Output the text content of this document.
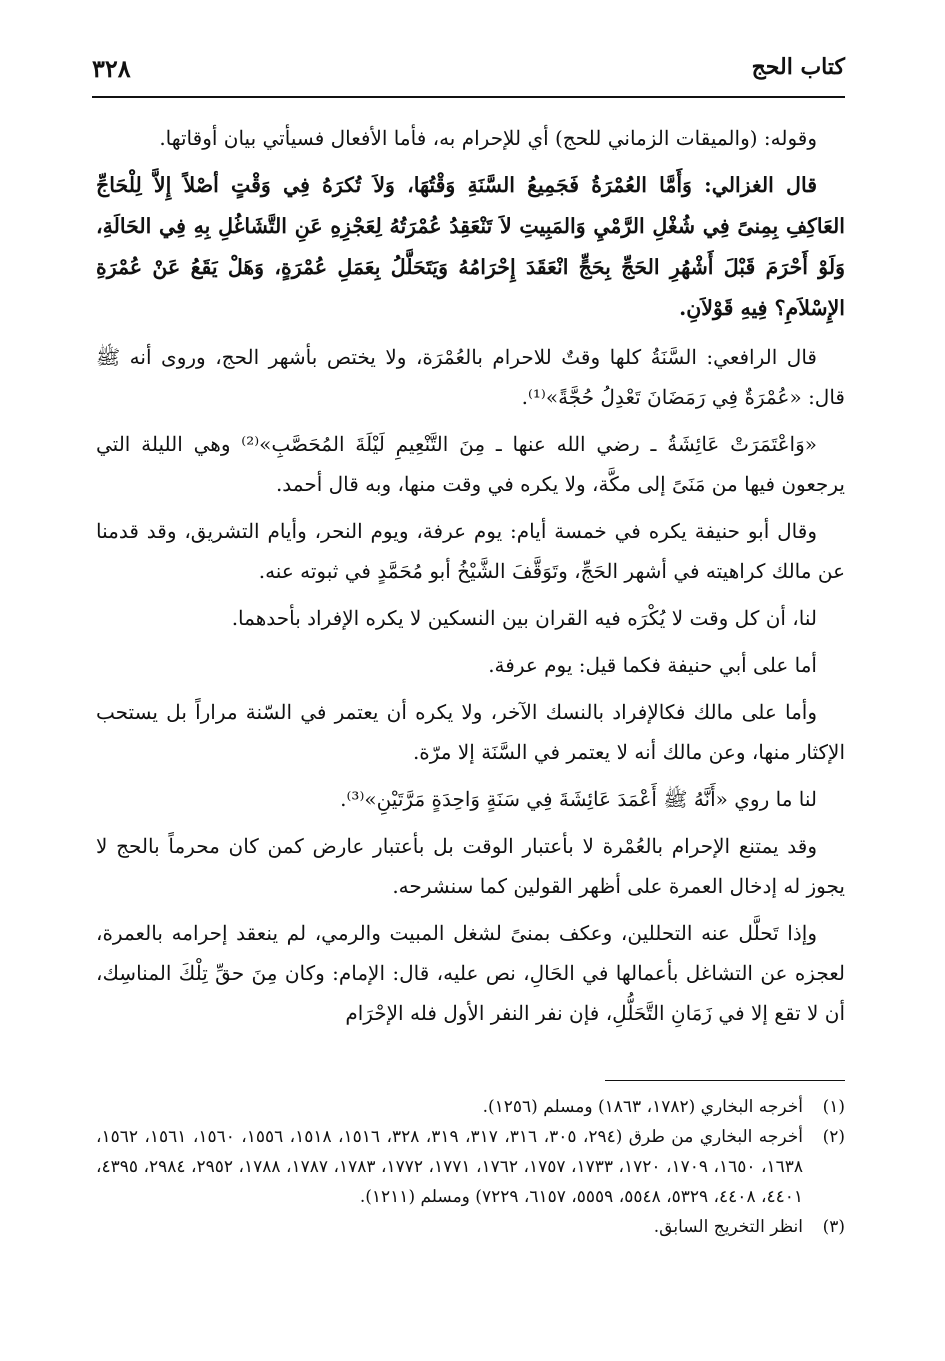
كتاب الحج
٣٢٨

وقوله: (والميقات الزماني للحج) أي للإحرام به، فأما الأفعال فسيأتي بيان أوقاتها.

قال الغزالي: وَأَمَّا العُمْرَةُ فَجَمِيعُ السَّنَةِ وَقْتُهَا، وَلاَ تُكرَهُ فِي وَقْتٍ أصْلاً إِلاَّ لِلْحَاجِّ العَاكِفِ بِمِنىً فِي شُغْلِ الرَّمْيِ وَالمَبِيتِ لاَ تَنْعَقِدُ عُمْرَتُهُ لِعَجْزِهِ عَنِ التَّشَاغُلِ بِهِ فِي الحَالَةِ، وَلَوْ أَحْرَمَ قَبْلَ أَشْهُرِ الحَجِّ بِحَجٍّ انْعَقَدَ إِحْرَامُهُ وَيَتَحَلَّلُ بِعَمَلِ عُمْرَةٍ، وَهَلْ يَقَعُ عَنْ عُمْرَةِ الإِسْلاَمِ؟ فِيهِ قَوْلاَنِ.

قال الرافعي: السَّنَةُ كلها وقتٌ للاحرام بالعُمْرَة، ولا يختص بأشهر الحج، وروى أنه ﷺ قال: «عُمْرَةٌ فِي رَمَضَانَ تَعْدِلُ حُجَّةً»⁽¹⁾.

«وَاعْتَمَرَتْ عَائِشَةُ ـ رضي الله عنها ـ مِنَ التَّنْعِيمِ لَيْلَةَ المُحَصَّبِ»⁽²⁾ وهي الليلة التي يرجعون فيها من مَنَىً إلى مكَّة، ولا يكره في وقت منها، وبه قال أحمد.

وقال أبو حنيفة يكره في خمسة أيام: يوم عرفة، ويوم النحر، وأيام التشريق، وقد قدمنا عن مالك كراهيته في أشهر الحَجِّ، وتَوَقَّفَ الشَّيْخُ أبو مُحَمَّدٍ في ثبوته عنه.

لنا، أن كل وقت لا يُكْرَه فيه القران بين النسكين لا يكره الإفراد بأحدهما.

أما على أبي حنيفة فكما قيل: يوم عرفة.

وأما على مالك فكالإفراد بالنسك الآخر، ولا يكره أن يعتمر في السّنة مراراً بل يستحب الإكثار منها، وعن مالك أنه لا يعتمر في السَّنَة إلا مرّة.

لنا ما روي «أَنَّهُ ﷺ أَعْمَدَ عَائِشَةَ فِي سَنَةٍ وَاحِدَةٍ مَرَّتَيْنِ»⁽³⁾.

وقد يمتنع الإحرام بالعُمْرة لا بأعتبار الوقت بل بأعتبار عارض كمن كان محرماً بالحج لا يجوز له إدخال العمرة على أظهر القولين كما سنشرحه.

وإذا تَحلَّل عنه التحللين، وعكف بمنىً لشغل المبيت والرمي، لم ينعقد إحرامه بالعمرة، لعجزه عن التشاغل بأعمالها في الحَالِ، نص عليه، قال: الإمام: وكان مِنَ حقِّ تِلْكَ المناسِك، أن لا تقع إلا في زَمَانِ التَّحَلُّلِ، فإن نفر النفر الأول فله الإحْرَام

(١)
أخرجه البخاري (١٧٨٢، ١٨٦٣) ومسلم (١٢٥٦).
(٢)
أخرجه البخاري من طرق (٢٩٤، ٣٠٥، ٣١٦، ٣١٧، ٣١٩، ٣٢٨، ١٥١٦، ١٥١٨، ١٥٥٦، ١٥٦٠، ١٥٦١، ١٥٦٢، ١٦٣٨، ١٦٥٠، ١٧٠٩، ١٧٢٠، ١٧٣٣، ١٧٥٧، ١٧٦٢، ١٧٧١، ١٧٧٢، ١٧٨٣، ١٧٨٧، ١٧٨٨، ٢٩٥٢، ٢٩٨٤، ٤٣٩٥، ٤٤٠١، ٤٤٠٨، ٥٣٢٩، ٥٥٤٨، ٥٥٥٩، ٦١٥٧، ٧٢٢٩) ومسلم (١٢١١).
(٣)
انظر التخريج السابق.
